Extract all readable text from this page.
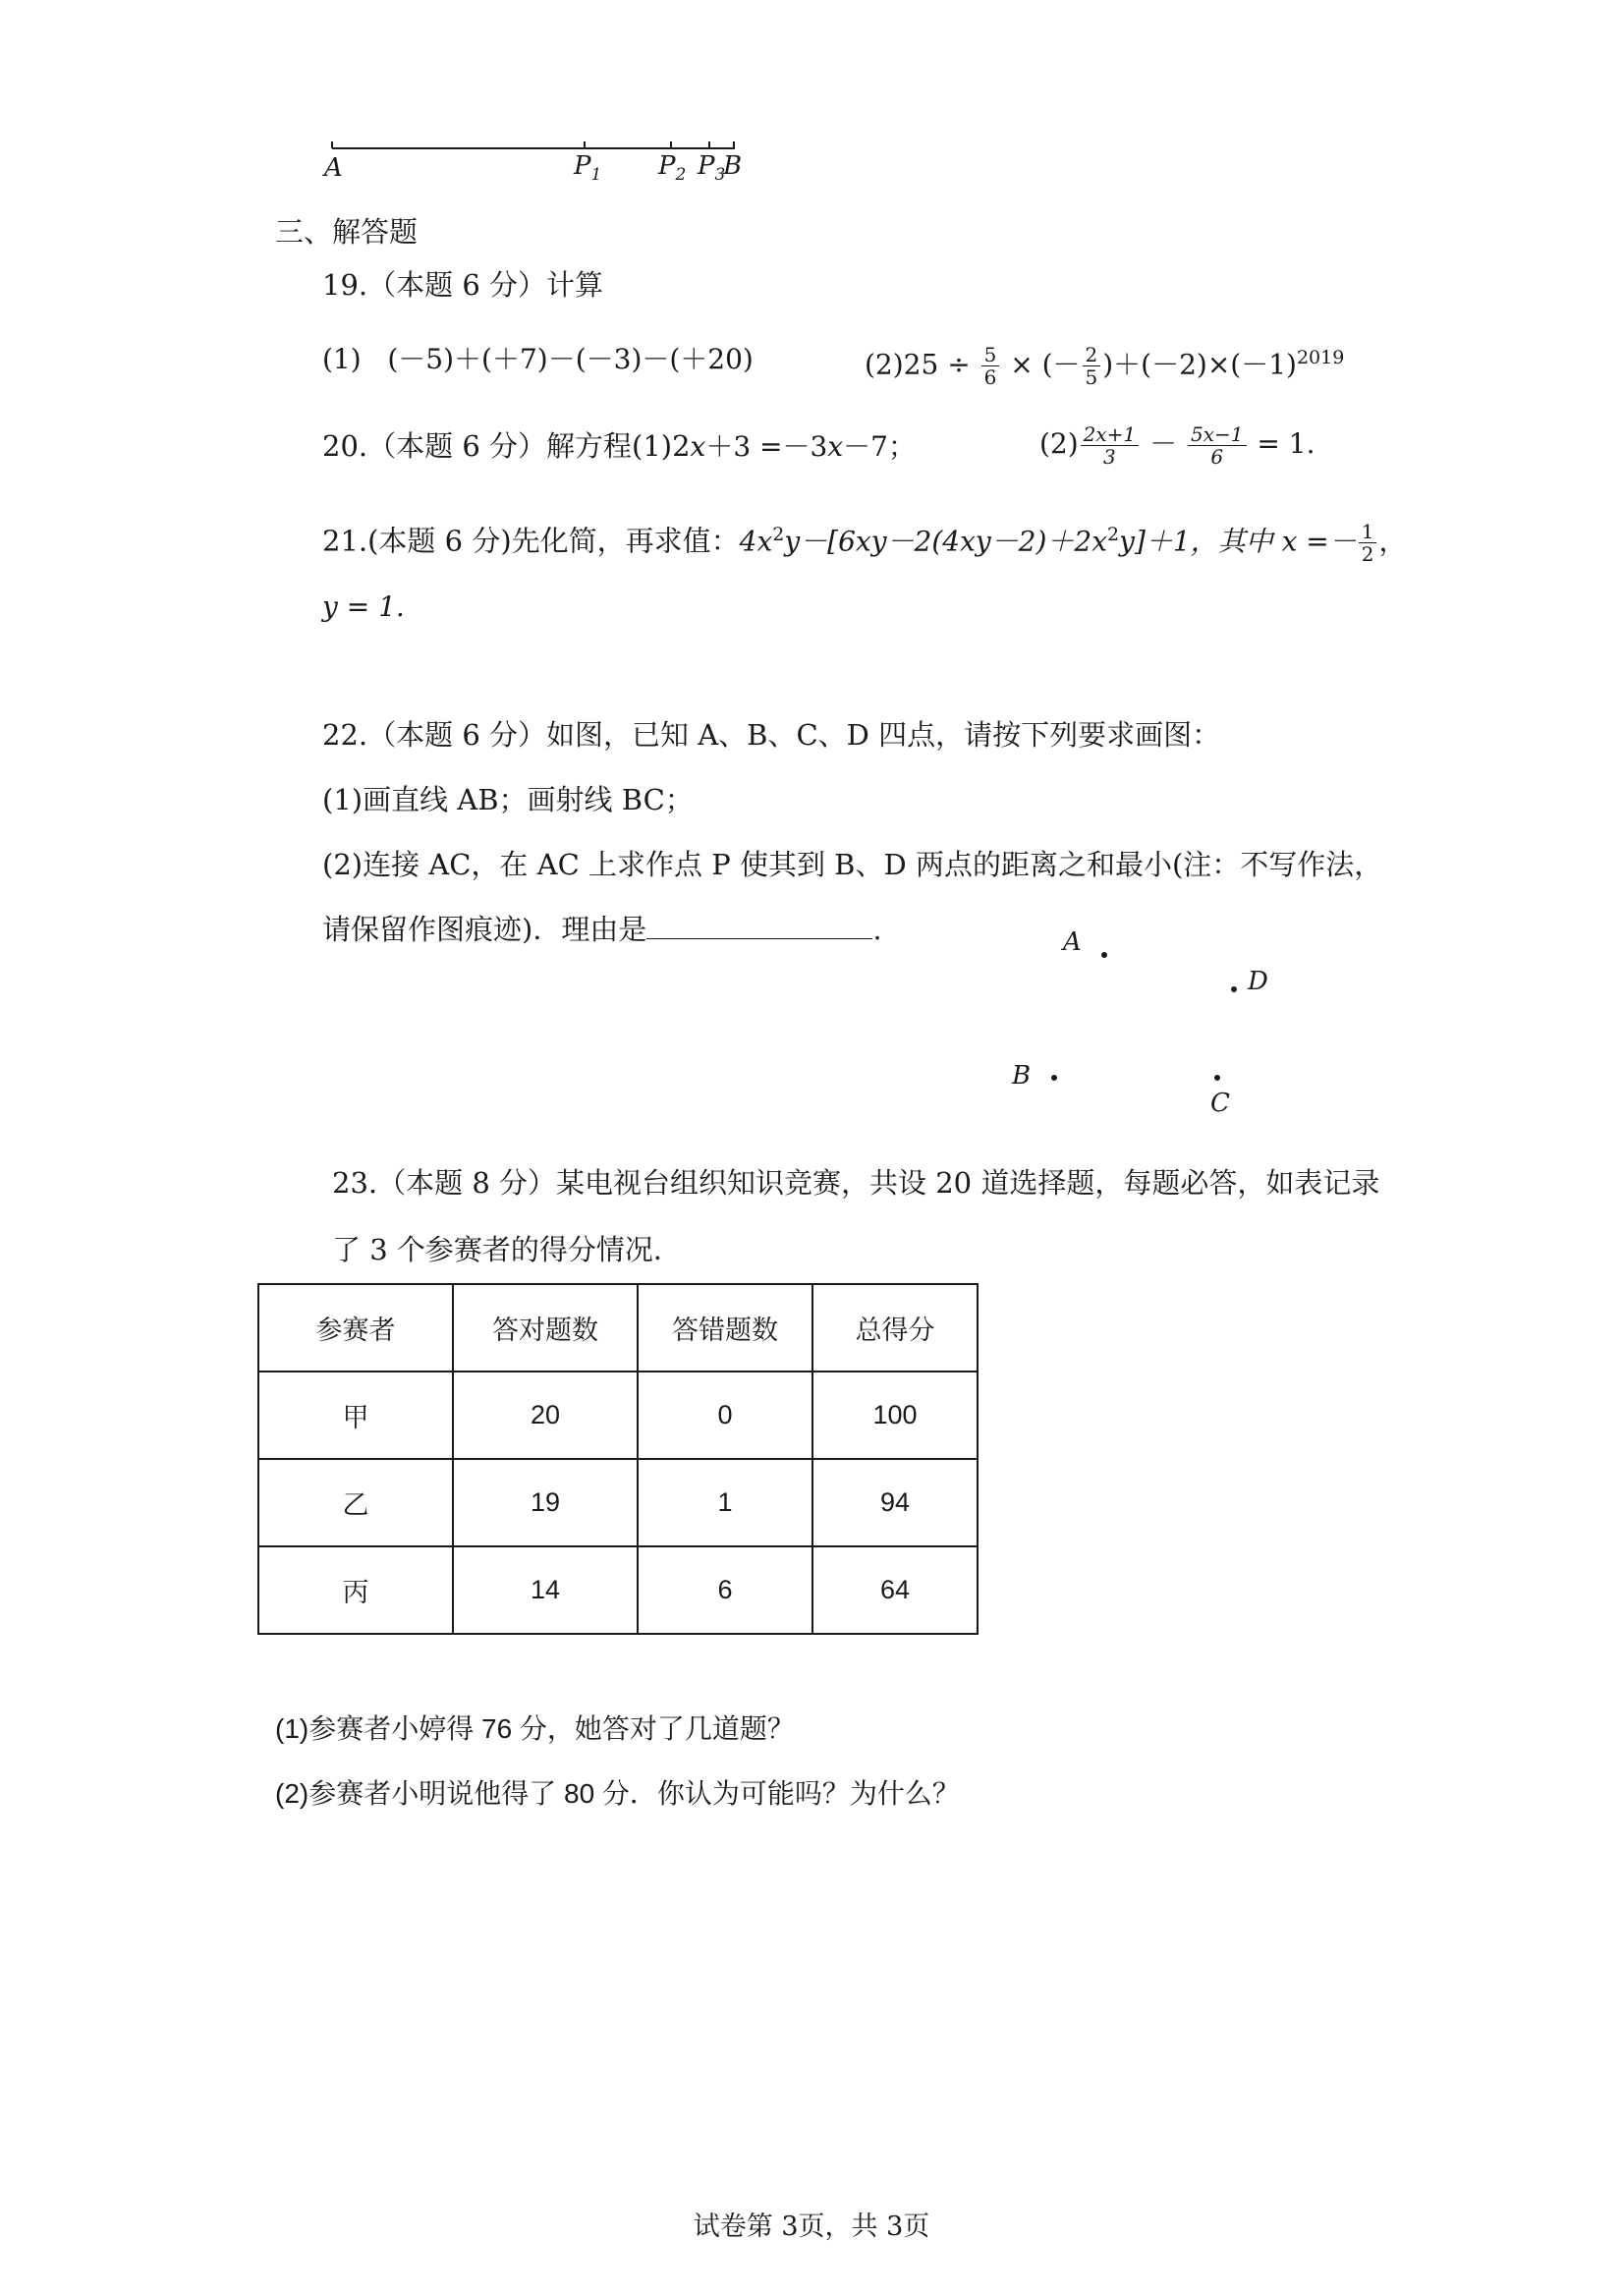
A	$P_1$ $P_2$ $P_3$
B
三、解答题
19.（本题 6 分）计算
(1) (－5)＋(＋7)－(－3)－(＋20)	$(2)25 \div \frac{5}{6}$ × (－ $\frac{2}{5} )+(-2)\times(-1)^{2019}$
20.（本题 6 分）解方程(1)2x＋3 =－3x－7；	$(2) \frac{2x+1}{3} - \frac{5x-1}{6} = 1$.
21.(本题 6 分)先化简，再求值：$4x^2y-[6xy-2(4xy-2)+2x^2y]+1$，其中 $x =- \frac{1}{2}$ ，
y = 1.
22.（本题 6 分）如图，已知 A、B、C、D 四点，请按下列要求画图：
(1)画直线 AB；画射线 BC；
(2)连接 AC，在 AC 上求作点 P 使其到 B、D 两点的距离之和最小(注：不写作法，
请保留作图痕迹)．理由是	.	A
D
B
C
23.（本题 8 分）某电视台组织知识竞赛，共设 20 道选择题，每题必答，如表记录
了 3 个参赛者的得分情况．
参赛者	答对题数	答错题数	总得分
甲	20	0	100
乙	19	1	94
丙	14	6	64
(1)参赛者小婷得 76 分，她答对了几道题？
(2)参赛者小明说他得了 80 分．你认为可能吗？为什么？
试卷第 3页，共 3页
